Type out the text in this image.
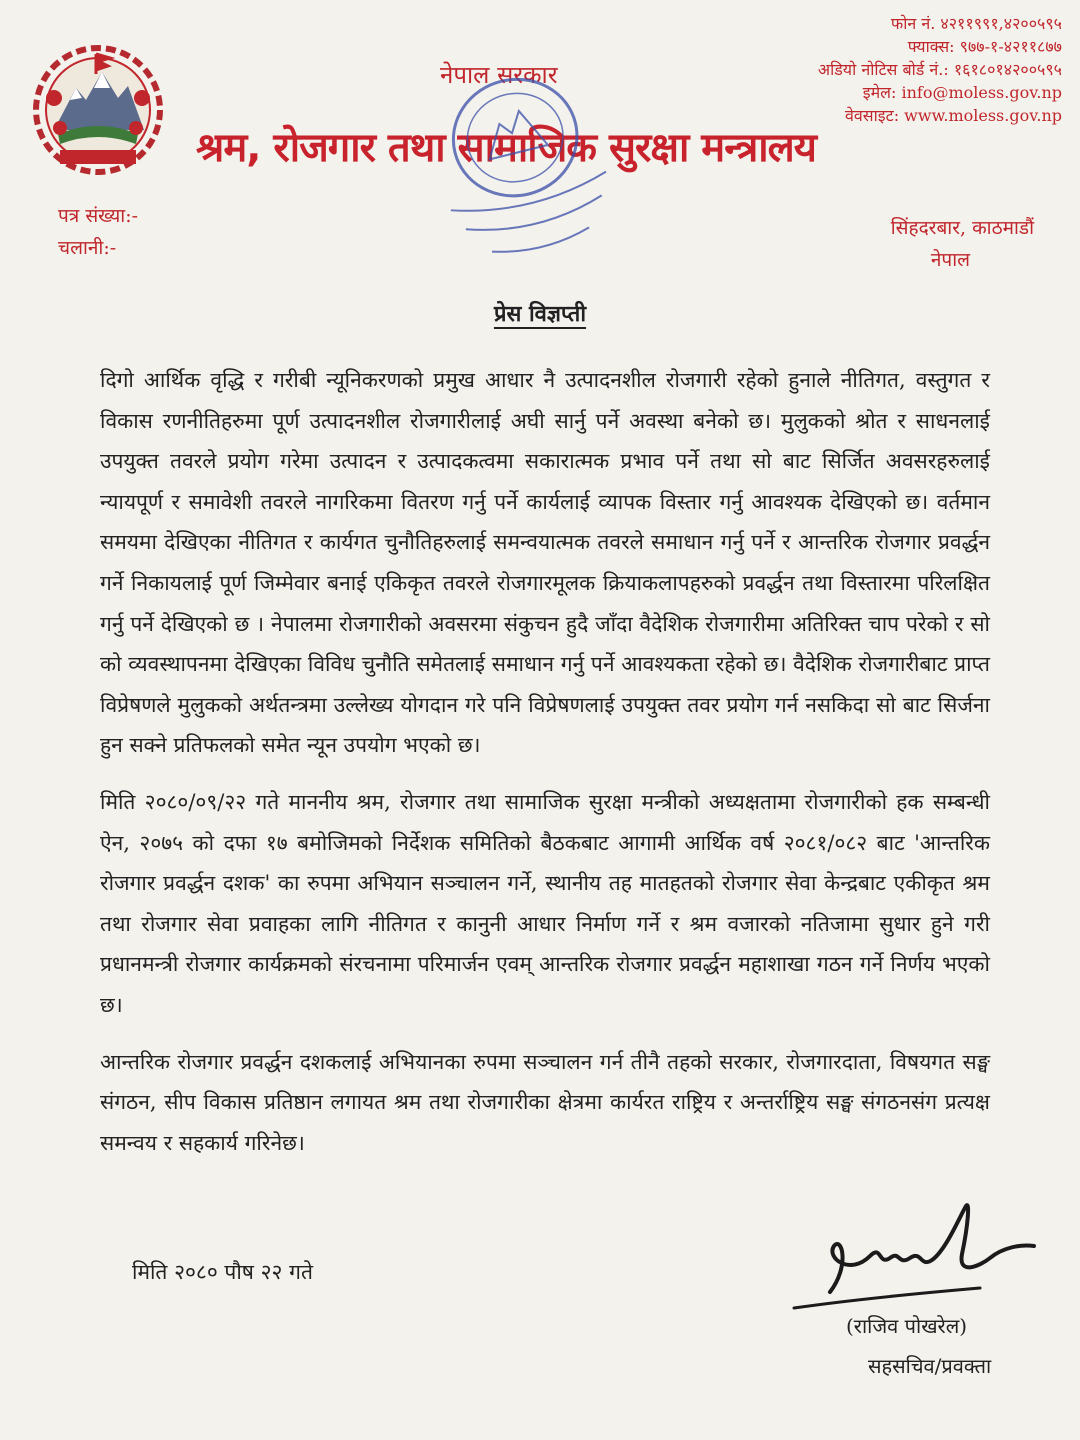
नेपाल सरकार
श्रम, रोजगार तथा सामाजिक सुरक्षा मन्त्रालय
फोन नं. ४२११९९१,४२००५९५
फ्याक्स: ९७७-१-४२११८७७
अडियो नोटिस बोर्ड नं.: १६१८०१४२००५९५
इमेल: info@moless.gov.np
वेवसाइट: www.moless.gov.np
पत्र संख्या:-
चलानी:-
सिंहदरबार, काठमाडौं
नेपाल
प्रेस विज्ञप्ती

दिगो आर्थिक वृद्धि र गरीबी न्यूनिकरणको प्रमुख आधार नै उत्पादनशील रोजगारी रहेको हुनाले नीतिगत, वस्तुगत र विकास रणनीतिहरुमा पूर्ण उत्पादनशील रोजगारीलाई अघी सार्नु पर्ने अवस्था बनेको छ। मुलुकको श्रोत र साधनलाई उपयुक्त तवरले प्रयोग गरेमा उत्पादन र उत्पादकत्वमा सकारात्मक प्रभाव पर्ने तथा सो बाट सिर्जित अवसरहरुलाई न्यायपूर्ण र समावेशी तवरले नागरिकमा वितरण गर्नु पर्ने कार्यलाई व्यापक विस्तार गर्नु आवश्यक देखिएको छ। वर्तमान समयमा देखिएका नीतिगत र कार्यगत चुनौतिहरुलाई समन्वयात्मक तवरले समाधान गर्नु पर्ने र आन्तरिक रोजगार प्रवर्द्धन गर्ने निकायलाई पूर्ण जिम्मेवार बनाई एकिकृत तवरले रोजगारमूलक क्रियाकलापहरुको प्रवर्द्धन तथा विस्तारमा परिलक्षित गर्नु पर्ने देखिएको छ । नेपालमा रोजगारीको अवसरमा संकुचन हुदै जाँदा वैदेशिक रोजगारीमा अतिरिक्त चाप परेको र सो को व्यवस्थापनमा देखिएका विविध चुनौति समेतलाई समाधान गर्नु पर्ने आवश्यकता रहेको छ। वैदेशिक रोजगारीबाट प्राप्त विप्रेषणले मुलुकको अर्थतन्त्रमा उल्लेख्य योगदान गरे पनि विप्रेषणलाई उपयुक्त तवर प्रयोग गर्न नसकिदा सो बाट सिर्जना हुन सक्ने प्रतिफलको समेत न्यून उपयोग भएको छ।

मिति २०८०/०९/२२ गते माननीय श्रम, रोजगार तथा सामाजिक सुरक्षा मन्त्रीको अध्यक्षतामा रोजगारीको हक सम्बन्धी ऐन, २०७५ को दफा १७ बमोजिमको निर्देशक समितिको बैठकबाट आगामी आर्थिक वर्ष २०८१/०८२ बाट 'आन्तरिक रोजगार प्रवर्द्धन दशक' का रुपमा अभियान सञ्चालन गर्ने, स्थानीय तह मातहतको रोजगार सेवा केन्द्रबाट एकीकृत श्रम तथा रोजगार सेवा प्रवाहका लागि नीतिगत र कानुनी आधार निर्माण गर्ने र श्रम वजारको नतिजामा सुधार हुने गरी प्रधानमन्त्री रोजगार कार्यक्रमको संरचनामा परिमार्जन एवम् आन्तरिक रोजगार प्रवर्द्धन महाशाखा गठन गर्ने निर्णय भएको छ।

आन्तरिक रोजगार प्रवर्द्धन दशकलाई अभियानका रुपमा सञ्चालन गर्न तीनै तहको सरकार, रोजगारदाता, विषयगत सङ्घ संगठन, सीप विकास प्रतिष्ठान लगायत श्रम तथा रोजगारीका क्षेत्रमा कार्यरत राष्ट्रिय र अन्तर्राष्ट्रिय सङ्घ संगठनसंग प्रत्यक्ष समन्वय र सहकार्य गरिनेछ।

मिति २०८० पौष २२ गते
(राजिव पोखरेल)
सहसचिव/प्रवक्ता
